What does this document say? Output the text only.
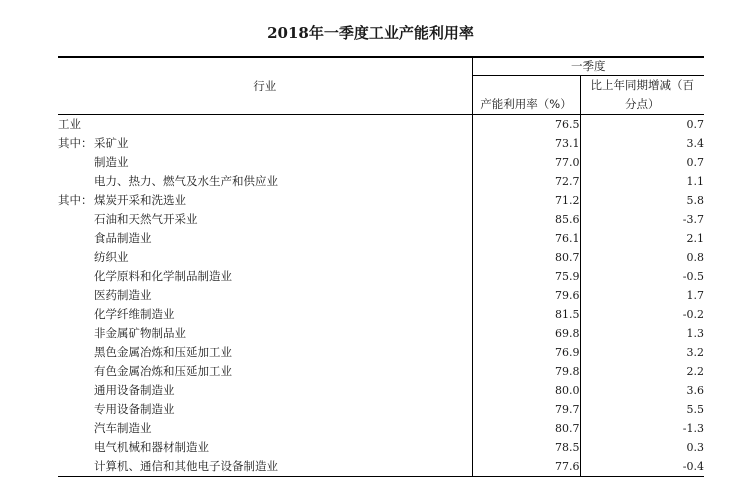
2018年一季度工业产能利用率
行业	一季度	
	产能利用率（%）	比上年同期增减（百分点）
工业	76.5	0.7
其中： 采矿业	73.1	3.4
制造业	77.0	0.7
电力、热力、燃气及水生产和供应业	72.7	1.1
其中： 煤炭开采和洗选业	71.2	5.8
石油和天然气开采业	85.6	-3.7
食品制造业	76.1	2.1
纺织业	80.7	0.8
化学原料和化学制品制造业	75.9	-0.5
医药制造业	79.6	1.7
化学纤维制造业	81.5	-0.2
非金属矿物制品业	69.8	1.3
黑色金属冶炼和压延加工业	76.9	3.2
有色金属冶炼和压延加工业	79.8	2.2
通用设备制造业	80.0	3.6
专用设备制造业	79.7	5.5
汽车制造业	80.7	-1.3
电气机械和器材制造业	78.5	0.3
计算机、通信和其他电子设备制造业	77.6	-0.4
